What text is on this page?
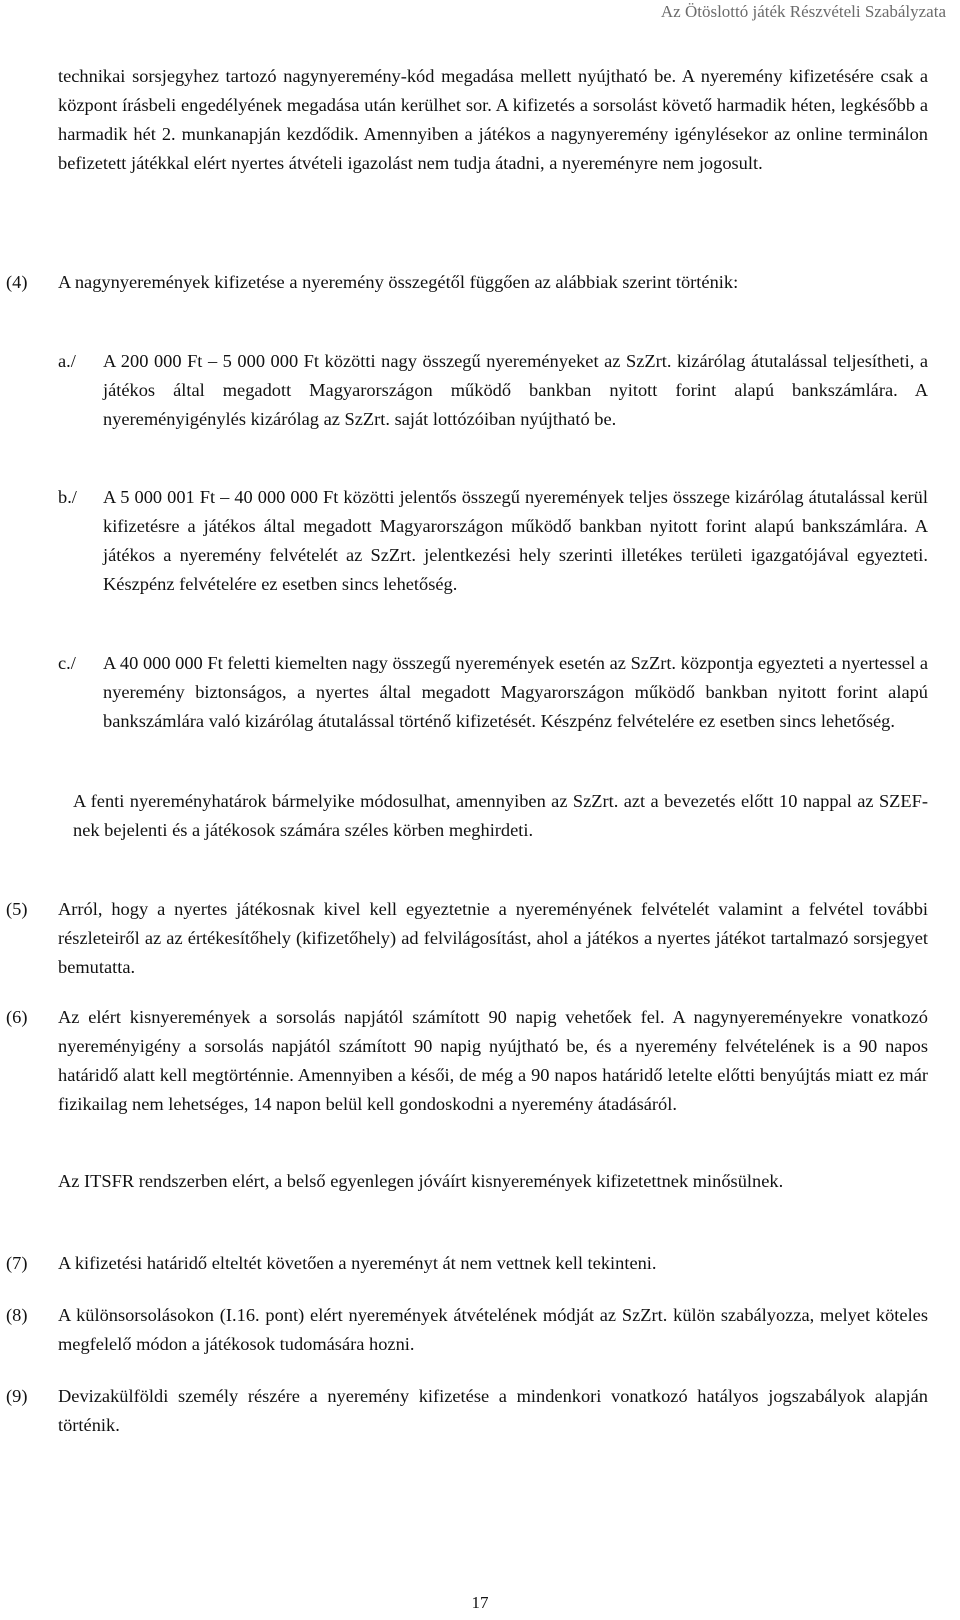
Az Ötöslottó játék Részvételi Szabályzata

technikai sorsjegyhez tartozó nagynyeremény-kód megadása mellett nyújtható be. A nyeremény kifizetésére csak a központ írásbeli engedélyének megadása után kerülhet sor. A kifizetés a sorsolást követő harmadik héten, legkésőbb a harmadik hét 2. munkanapján kezdődik. Amennyiben a játékos a nagynyeremény igénylésekor az online terminálon befizetett játékkal elért nyertes átvételi igazolást nem tudja átadni, a nyereményre nem jogosult.

(4) A nagynyeremények kifizetése a nyeremény összegétől függően az alábbiak szerint történik:

a./ A 200 000 Ft – 5 000 000 Ft közötti nagy összegű nyereményeket az SzZrt. kizárólag átutalással teljesítheti, a játékos által megadott Magyarországon működő bankban nyitott forint alapú bankszámlára. A nyereményigénylés kizárólag az SzZrt. saját lottózóiban nyújtható be.

b./ A 5 000 001 Ft – 40 000 000 Ft közötti jelentős összegű nyeremények teljes összege kizárólag átutalással kerül kifizetésre a játékos által megadott Magyarországon működő bankban nyitott forint alapú bankszámlára. A játékos a nyeremény felvételét az SzZrt. jelentkezési hely szerinti illetékes területi igazgatójával egyezteti. Készpénz felvételére ez esetben sincs lehetőség.

c./ A 40 000 000 Ft feletti kiemelten nagy összegű nyeremények esetén az SzZrt. központja egyezteti a nyertessel a nyeremény biztonságos, a nyertes által megadott Magyarországon működő bankban nyitott forint alapú bankszámlára való kizárólag átutalással történő kifizetését. Készpénz felvételére ez esetben sincs lehetőség.

A fenti nyereményhatárok bármelyike módosulhat, amennyiben az SzZrt. azt a bevezetés előtt 10 nappal az SZEF-nek bejelenti és a játékosok számára széles körben meghirdeti.

(5) Arról, hogy a nyertes játékosnak kivel kell egyeztetnie a nyereményének felvételét valamint a felvétel további részleteiről az az értékesítőhely (kifizetőhely) ad felvilágosítást, ahol a játékos a nyertes játékot tartalmazó sorsjegyet bemutatta.

(6) Az elért kisnyeremények a sorsolás napjától számított 90 napig vehetőek fel. A nagynyereményekre vonatkozó nyereményigény a sorsolás napjától számított 90 napig nyújtható be, és a nyeremény felvételének is a 90 napos határidő alatt kell megtörténnie. Amennyiben a késői, de még a 90 napos határidő letelte előtti benyújtás miatt ez már fizikailag nem lehetséges, 14 napon belül kell gondoskodni a nyeremény átadásáról.

Az ITSFR rendszerben elért, a belső egyenlegen jóváírt kisnyeremények kifizetettnek minősülnek.

(7) A kifizetési határidő elteltét követően a nyereményt át nem vettnek kell tekinteni.

(8) A különsorsolásokon (I.16. pont) elért nyeremények átvételének módját az SzZrt. külön szabályozza, melyet köteles megfelelő módon a játékosok tudomására hozni.

(9) Devizakülföldi személy részére a nyeremény kifizetése a mindenkori vonatkozó hatályos jogszabályok alapján történik.

17
